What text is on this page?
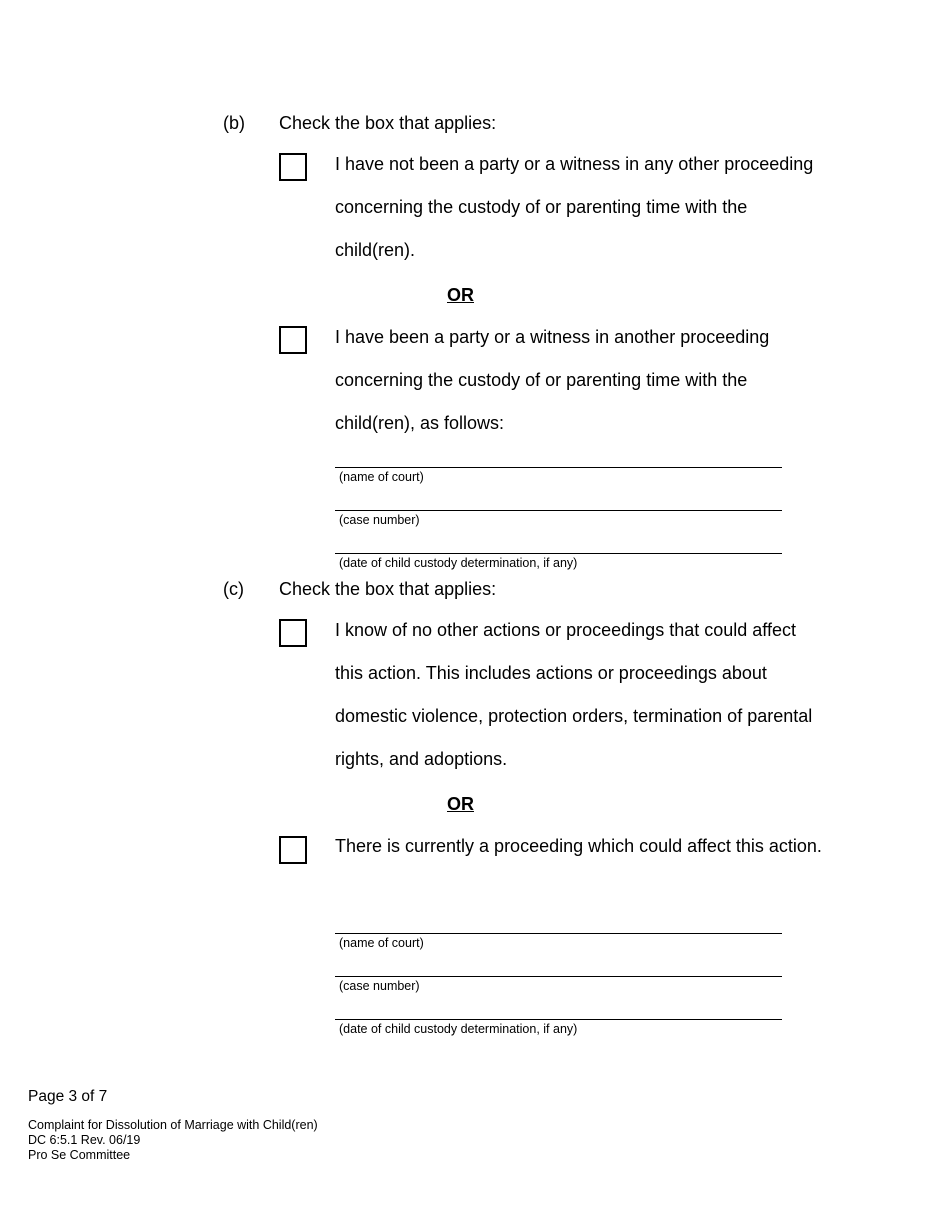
(b) Check the box that applies:
I have not been a party or a witness in any other proceeding
concerning the custody of or parenting time with the
child(ren).
OR
I have been a party or a witness in another proceeding
concerning the custody of or parenting time with the
child(ren), as follows:
(name of court)
(case number)
(date of child custody determination, if any)
(c) Check the box that applies:
I know of no other actions or proceedings that could affect
this action. This includes actions or proceedings about
domestic violence, protection orders, termination of parental
rights, and adoptions.
OR
There is currently a proceeding which could affect this action.
(name of court)
(case number)
(date of child custody determination, if any)
Page 3 of 7
Complaint for Dissolution of Marriage with Child(ren)
DC 6:5.1 Rev. 06/19
Pro Se Committee
